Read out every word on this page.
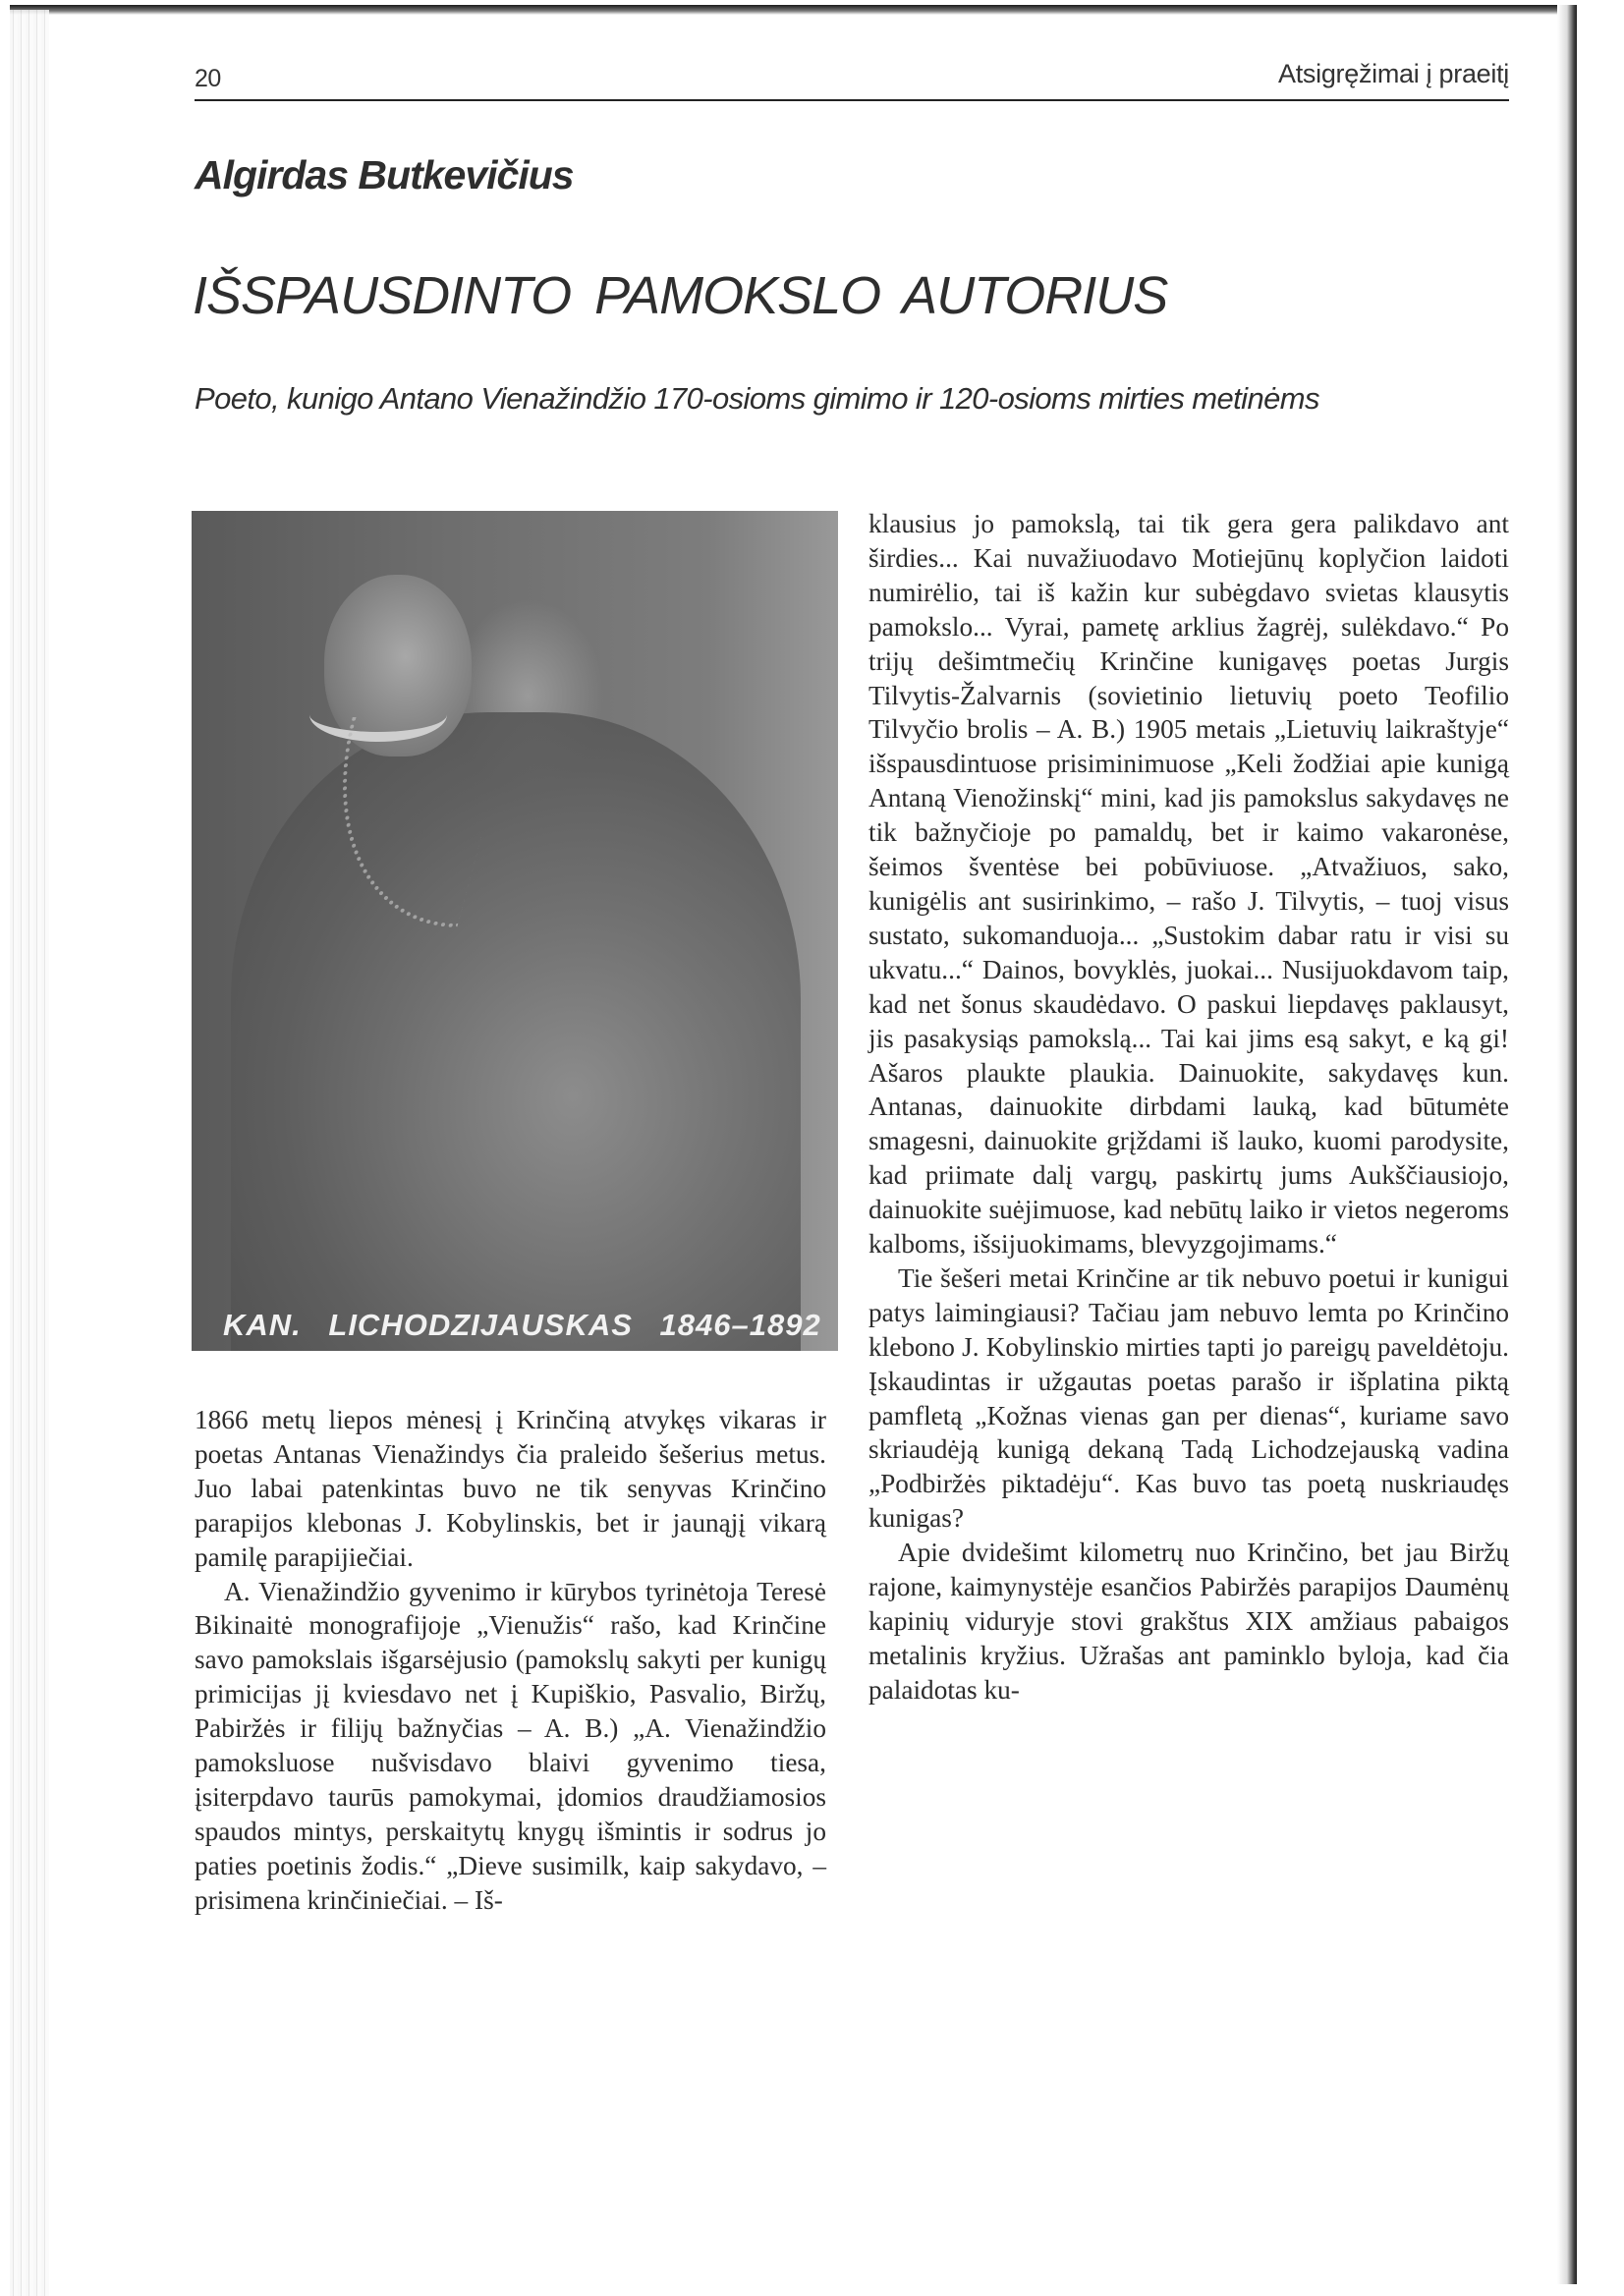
20	Atsigręžimai į praeitį
Algirdas Butkevičius
IŠSPAUSDINTO PAMOKSLO AUTORIUS
Poeto, kunigo Antano Vienažindžio 170-osioms gimimo ir 120-osioms mirties metinėms
KAN. LICHODZIJAUSKAS 1846–1892

1866 metų liepos mėnesį į Krinčiną atvykęs vikaras ir poetas Antanas Vienažindys čia praleido šešerius metus. Juo labai patenkintas buvo ne tik senyvas Krinčino parapijos klebonas J. Kobylinskis, bet ir jaunąjį vikarą pamilę parapijiečiai.

A. Vienažindžio gyvenimo ir kūrybos tyrinėtoja Teresė Bikinaitė monografijoje „Vienužis“ rašo, kad Krinčine savo pamokslais išgarsėjusio (pamokslų sakyti per kunigų primicijas jį kviesdavo net į Kupiškio, Pasvalio, Biržų, Pabiržės ir filijų bažnyčias – A. B.) „A. Vienažindžio pamoksluose nušvisdavo blaivi gyvenimo tiesa, įsiterpdavo taurūs pamokymai, įdomios draudžiamosios spaudos mintys, perskaitytų knygų išmintis ir sodrus jo paties poetinis žodis.“ „Dieve susimilk, kaip sakydavo, – prisimena krinčiniečiai. – Iš-

klausius jo pamokslą, tai tik gera gera palikdavo ant širdies... Kai nuvažiuodavo Motiejūnų koplyčion laidoti numirėlio, tai iš kažin kur subėgdavo svietas klausytis pamokslo... Vyrai, pametę arklius žagrėj, sulėkdavo.“ Po trijų dešimtmečių Krinčine kunigavęs poetas Jurgis Tilvytis-Žalvarnis (sovietinio lietuvių poeto Teofilio Tilvyčio brolis – A. B.) 1905 metais „Lietuvių laikraštyje“ išspausdintuose prisiminimuose „Keli žodžiai apie kunigą Antaną Vienožinskį“ mini, kad jis pamokslus sakydavęs ne tik bažnyčioje po pamaldų, bet ir kaimo vakaronėse, šeimos šventėse bei pobūviuose. „Atvažiuos, sako, kunigėlis ant susirinkimo, – rašo J. Tilvytis, – tuoj visus sustato, sukomanduoja... „Sustokim dabar ratu ir visi su ukvatu...“ Dainos, bovyklės, juokai... Nusijuokdavom taip, kad net šonus skaudėdavo. O paskui liepdavęs paklausyt, jis pasakysiąs pamokslą... Tai kai jims esą sakyt, e ką gi! Ašaros plaukte plaukia. Dainuokite, sakydavęs kun. Antanas, dainuokite dirbdami lauką, kad būtumėte smagesni, dainuokite grįždami iš lauko, kuomi parodysite, kad priimate dalį vargų, paskirtų jums Aukščiausiojo, dainuokite suėjimuose, kad nebūtų laiko ir vietos negeroms kalboms, išsijuokimams, blevyzgojimams.“

Tie šešeri metai Krinčine ar tik nebuvo poetui ir kunigui patys laimingiausi? Tačiau jam nebuvo lemta po Krinčino klebono J. Kobylinskio mirties tapti jo pareigų paveldėtoju. Įskaudintas ir užgautas poetas parašo ir išplatina piktą pamfletą „Kožnas vienas gan per dienas“, kuriame savo skriaudėją kunigą dekaną Tadą Lichodzejauską vadina „Podbiržės piktadėju“. Kas buvo tas poetą nuskriaudęs kunigas?

Apie dvidešimt kilometrų nuo Krinčino, bet jau Biržų rajone, kaimynystėje esančios Pabiržės parapijos Daumėnų kapinių viduryje stovi grakštus XIX amžiaus pabaigos metalinis kryžius. Užrašas ant paminklo byloja, kad čia palaidotas ku-
